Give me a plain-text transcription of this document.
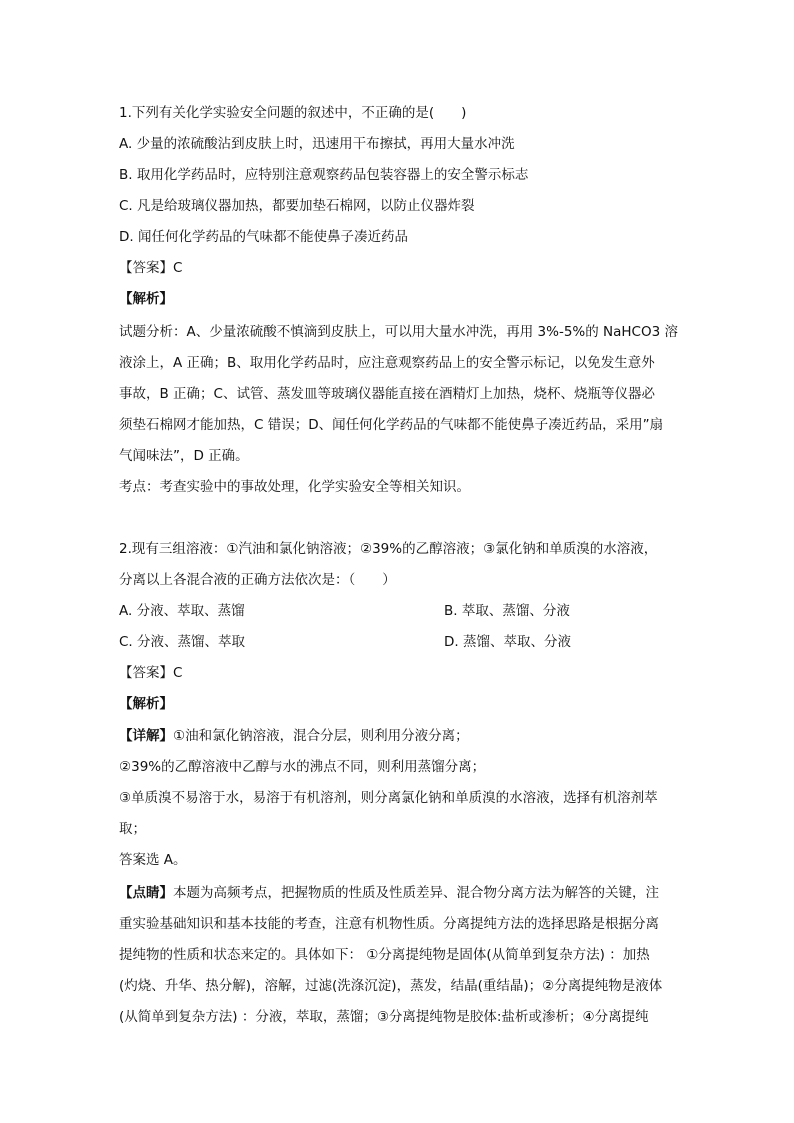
1.下列有关化学实验安全问题的叙述中，不正确的是(　　)
A. 少量的浓硫酸沾到皮肤上时，迅速用干布擦拭，再用大量水冲洗
B. 取用化学药品时，应特别注意观察药品包装容器上的安全警示标志
C. 凡是给玻璃仪器加热，都要加垫石棉网，以防止仪器炸裂
D. 闻任何化学药品的气味都不能使鼻子凑近药品
【答案】C
【解析】
试题分析：A、少量浓硫酸不慎滴到皮肤上，可以用大量水冲洗，再用 3%-5%的 NaHCO3 溶
液涂上，A 正确；B、取用化学药品时，应注意观察药品上的安全警示标记，以免发生意外
事故，B 正确；C、试管、蒸发皿等玻璃仪器能直接在酒精灯上加热，烧杯、烧瓶等仪器必
须垫石棉网才能加热，C 错误；D、闻任何化学药品的气味都不能使鼻子凑近药品，采用”扇
气闻味法”，D 正确。
考点：考查实验中的事故处理，化学实验安全等相关知识。
2.现有三组溶液：①汽油和氯化钠溶液；②39%的乙醇溶液；③氯化钠和单质溴的水溶液，
分离以上各混合液的正确方法依次是：（　　）
A. 分液、萃取、蒸馏	B. 萃取、蒸馏、分液
C. 分液、蒸馏、萃取	D. 蒸馏、萃取、分液
【答案】C
【解析】
【详解】①油和氯化钠溶液，混合分层，则利用分液分离；
②39%的乙醇溶液中乙醇与水的沸点不同，则利用蒸馏分离；
③单质溴不易溶于水，易溶于有机溶剂，则分离氯化钠和单质溴的水溶液，选择有机溶剂萃
取；
答案选 A。
【点睛】本题为高频考点，把握物质的性质及性质差异、混合物分离方法为解答的关键，注
重实验基础知识和基本技能的考查，注意有机物性质。分离提纯方法的选择思路是根据分离
提纯物的性质和状态来定的。具体如下： ①分离提纯物是固体(从简单到复杂方法) ：加热
(灼烧、升华、热分解)，溶解，过滤(洗涤沉淀)，蒸发，结晶(重结晶)；②分离提纯物是液体
(从简单到复杂方法) ：分液，萃取，蒸馏；③分离提纯物是胶体:盐析或渗析；④分离提纯
